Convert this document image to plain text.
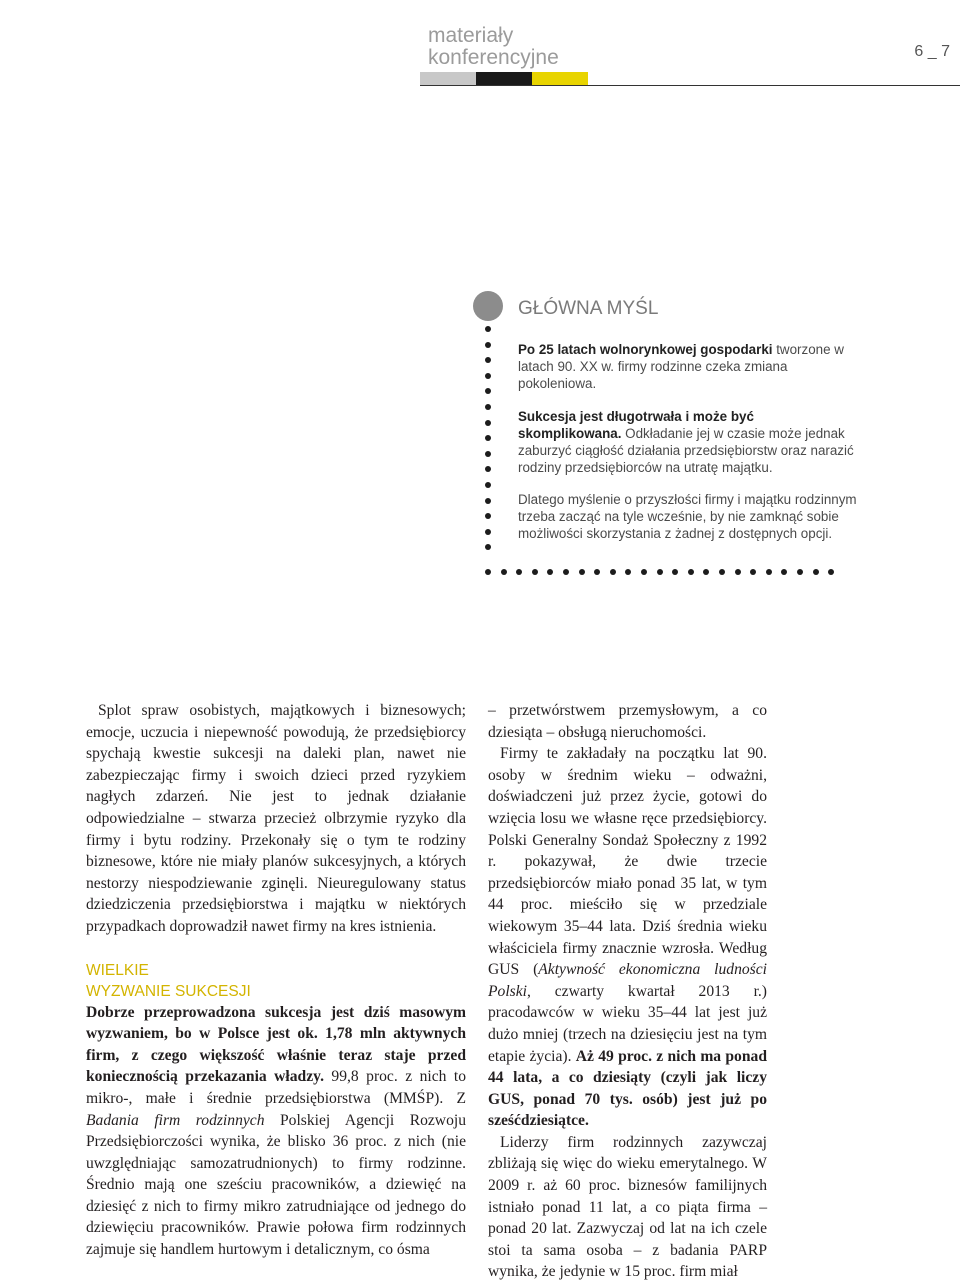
materiały
konferencyjne	6 _ 7
GŁÓWNA MYŚL

Po 25 latach wolnorynkowej gospodarki tworzone w latach 90. XX w. firmy rodzinne czeka zmiana pokoleniowa.

Sukcesja jest długotrwała i może być skomplikowana. Odkładanie jej w czasie może jednak zaburzyć ciągłość działania przedsiębiorstw oraz narazić rodziny przedsiębiorców na utratę majątku.

Dlatego myślenie o przyszłości firmy i majątku rodzinnym trzeba zacząć na tyle wcześnie, by nie zamknąć sobie możliwości skorzystania z żadnej z dostępnych opcji.

Splot spraw osobistych, majątkowych i biznesowych; emocje, uczucia i niepewność powodują, że przedsiębiorcy spychają kwestie sukcesji na daleki plan, nawet nie zabezpieczając firmy i swoich dzieci przed ryzykiem nagłych zdarzeń. Nie jest to jednak działanie odpowiedzialne – stwarza przecież olbrzymie ryzyko dla firmy i bytu rodziny. Przekonały się o tym te rodziny biznesowe, które nie miały planów sukcesyjnych, a których nestorzy niespodziewanie zginęli. Nieuregulowany status dziedziczenia przedsiębiorstwa i majątku w niektórych przypadkach doprowadził nawet firmy na kres istnienia.

WIELKIE
WYZWANIE SUKCESJI

Dobrze przeprowadzona sukcesja jest dziś masowym wyzwaniem, bo w Polsce jest ok. 1,78 mln aktywnych firm, z czego większość właśnie teraz staje przed koniecznością przekazania władzy. 99,8 proc. z nich to mikro-, małe i średnie przedsiębiorstwa (MMŚP). Z Badania firm rodzinnych Polskiej Agencji Rozwoju Przedsiębiorczości wynika, że blisko 36 proc. z nich (nie uwzględniając samozatrudnionych) to firmy rodzinne. Średnio mają one sześciu pracowników, a dziewięć na dziesięć z nich to firmy mikro zatrudniające od jednego do dziewięciu pracowników. Prawie połowa firm rodzinnych zajmuje się handlem hurtowym i detalicznym, co ósma

– przetwórstwem przemysłowym, a co dziesiąta – obsługą nieruchomości.

Firmy te zakładały na początku lat 90. osoby w średnim wieku – odważni, doświadczeni już przez życie, gotowi do wzięcia losu we własne ręce przedsiębiorcy. Polski Generalny Sondaż Społeczny z 1992 r. pokazywał, że dwie trzecie przedsiębiorców miało ponad 35 lat, w tym 44 proc. mieściło się w przedziale wiekowym 35–44 lata. Dziś średnia wieku właściciela firmy znacznie wzrosła. Według GUS (Aktywność ekonomiczna ludności Polski, czwarty kwartał 2013 r.) pracodawców w wieku 35–44 lat jest już dużo mniej (trzech na dziesięciu jest na tym etapie życia). Aż 49 proc. z nich ma ponad 44 lata, a co dziesiąty (czyli jak liczy GUS, ponad 70 tys. osób) jest już po sześćdziesiątce.

Liderzy firm rodzinnych zazywczaj zbliżają się więc do wieku emerytalnego. W 2009 r. aż 60 proc. biznesów familijnych istniało ponad 11 lat, a co piąta firma – ponad 20 lat. Zazwyczaj od lat na ich czele stoi ta sama osoba – z badania PARP wynika, że jedynie w 15 proc. firm miał
